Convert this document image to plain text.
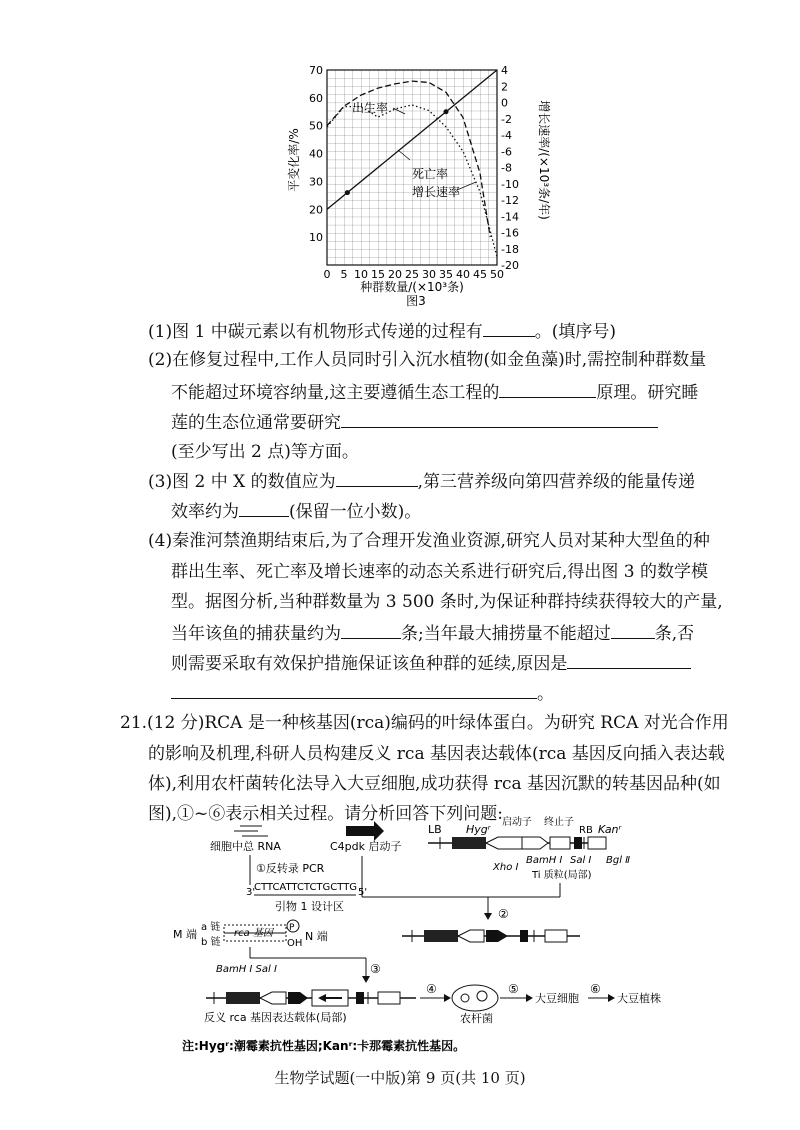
0 5 10 15 20 25 30 35 40 45 50
10
20
30
40
50
60
70	4
2
0
-2
-4
-6
-8
-10
-12
-14
-16
-18
-20
出生率
死亡率
增长速率
种群数量/(×10³条)
图3
平变化率/%	增长速率/(×10³条/年)
(1)图 1 中碳元素以有机物形式传递的过程有	。(填序号)
(2)在修复过程中,工作人员同时引入沉水植物(如金鱼藻)时,需控制种群数量
不能超过环境容纳量,这主要遵循生态工程的	原理。研究睡
莲的生态位通常要研究
(至少写出 2 点)等方面。
(3)图 2 中 X 的数值应为	,第三营养级向第四营养级的能量传递
效率约为	(保留一位小数)。
(4)秦淮河禁渔期结束后,为了合理开发渔业资源,研究人员对某种大型鱼的种
群出生率、死亡率及增长速率的动态关系进行研究后,得出图 3 的数学模
型。据图分析,当种群数量为 3 500 条时,为保证种群持续获得较大的产量,
当年该鱼的捕获量约为	条;当年最大捕捞量不能超过	条,否
则需要采取有效保护措施保证该鱼种群的延续,原因是
。
21.(12 分)RCA 是一种核基因(rca)编码的叶绿体蛋白。为研究 RCA 对光合作用
的影响及机理,科研人员构建反义 rca 基因表达载体(rca 基因反向插入表达载
体),利用农杆菌转化法导入大豆细胞,成功获得 rca 基因沉默的转基因品种(如
图),①~⑥表示相关过程。请分析回答下列问题:
细胞中总 RNA
①反转录 PCR
C4pdk 启动子
3'
CTTCATTCTCTGCTTG 5'
引物 1 设计区
M 端
a 链
b 链
rca 基因 P
OH
N 端
BamH Ⅰ Sal Ⅰ	③
②
LB Hygʳ
启动子 终止子
RB Kanʳ
Xho Ⅰ
BamH Ⅰ Sal Ⅰ Bgl Ⅱ
Ti 质粒(局部)
反义 rca 基因表达载体(局部)
④
农杆菌
⑤
大豆细胞
⑥
大豆植株
注:Hygʳ:潮霉素抗性基因;Kanʳ:卡那霉素抗性基因。
生物学试题(一中版)第 9 页(共 10 页)
